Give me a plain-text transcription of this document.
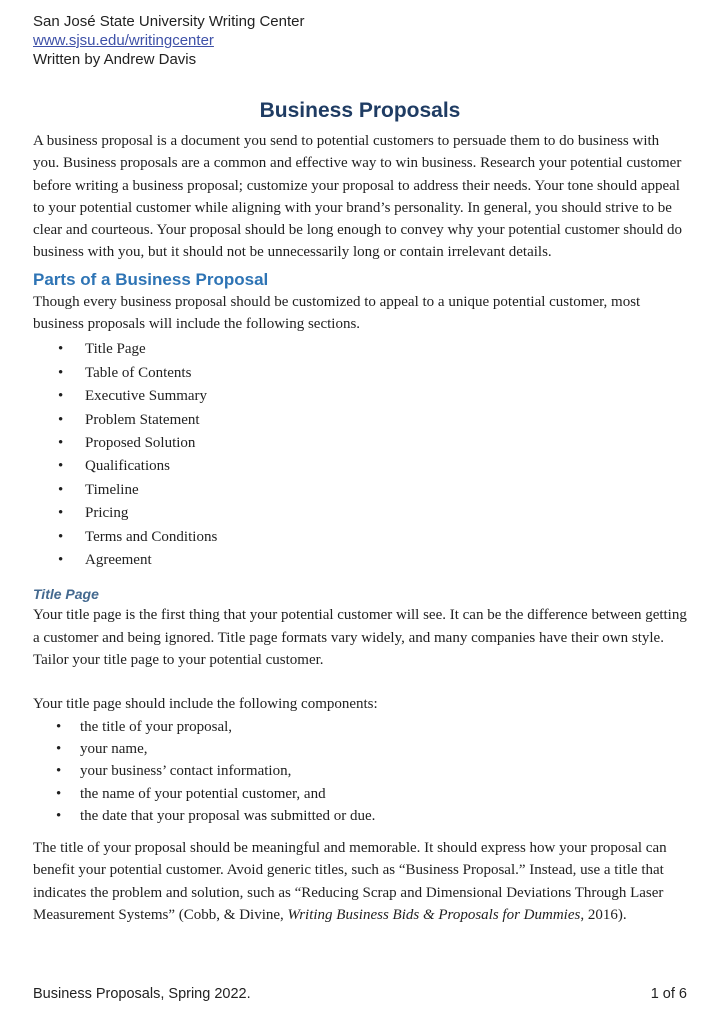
San José State University Writing Center
www.sjsu.edu/writingcenter
Written by Andrew Davis
Business Proposals

A business proposal is a document you send to potential customers to persuade them to do business with you. Business proposals are a common and effective way to win business. Research your potential customer before writing a business proposal; customize your proposal to address their needs. Your tone should appeal to your potential customer while aligning with your brand’s personality. In general, you should strive to be clear and courteous. Your proposal should be long enough to convey why your potential customer should do business with you, but it should not be unnecessarily long or contain irrelevant details.

Parts of a Business Proposal

Though every business proposal should be customized to appeal to a unique potential customer, most business proposals will include the following sections.

• Title Page
• Table of Contents
• Executive Summary
• Problem Statement
• Proposed Solution
• Qualifications
• Timeline
• Pricing
• Terms and Conditions
• Agreement
Title Page

Your title page is the first thing that your potential customer will see. It can be the difference between getting a customer and being ignored. Title page formats vary widely, and many companies have their own style. Tailor your title page to your potential customer.

Your title page should include the following components:

• the title of your proposal,
• your name,
• your business’ contact information,
• the name of your potential customer, and
• the date that your proposal was submitted or due.

The title of your proposal should be meaningful and memorable. It should express how your proposal can benefit your potential customer. Avoid generic titles, such as “Business Proposal.” Instead, use a title that indicates the problem and solution, such as “Reducing Scrap and Dimensional Deviations Through Laser Measurement Systems” (Cobb, & Divine, Writing Business Bids & Proposals for Dummies, 2016).

Business Proposals, Spring 2022.	1 of 6
